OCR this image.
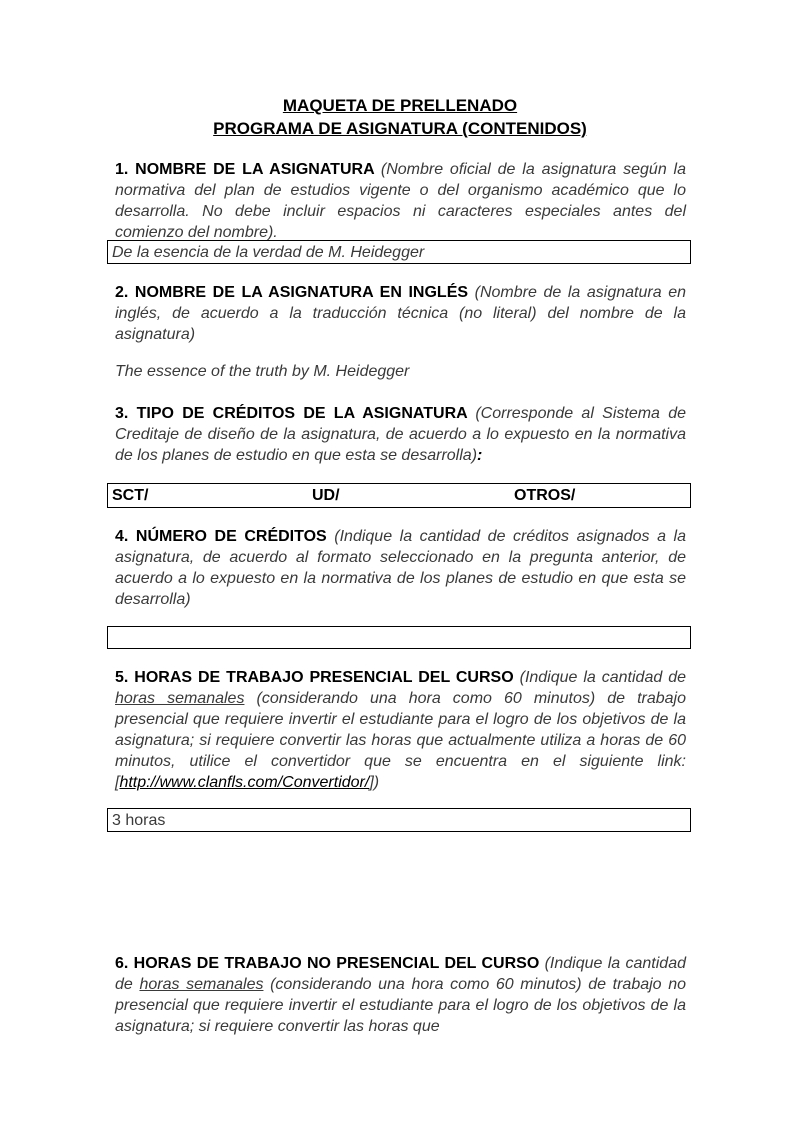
MAQUETA DE PRELLENADO

PROGRAMA DE ASIGNATURA (CONTENIDOS)

1. NOMBRE DE LA ASIGNATURA (Nombre oficial de la asignatura según la normativa del plan de estudios vigente o del organismo académico que lo desarrolla. No debe incluir espacios ni caracteres especiales antes del comienzo del nombre).

De la esencia de la verdad de M. Heidegger

2. NOMBRE DE LA ASIGNATURA EN INGLÉS (Nombre de la asignatura en inglés, de acuerdo a la traducción técnica (no literal) del nombre de la asignatura)

The essence of the truth by M. Heidegger

3. TIPO DE CRÉDITOS DE LA ASIGNATURA (Corresponde al Sistema de Creditaje de diseño de la asignatura, de acuerdo a lo expuesto en la normativa de los planes de estudio en que esta se desarrolla):

SCT/	UD/	OTROS/

4. NÚMERO DE CRÉDITOS (Indique la cantidad de créditos asignados a la asignatura, de acuerdo al formato seleccionado en la pregunta anterior, de acuerdo a lo expuesto en la normativa de los planes de estudio en que esta se desarrolla)

5. HORAS DE TRABAJO PRESENCIAL DEL CURSO (Indique la cantidad de horas semanales (considerando una hora como 60 minutos) de trabajo presencial que requiere invertir el estudiante para el logro de los objetivos de la asignatura; si requiere convertir las horas que actualmente utiliza a horas de 60 minutos, utilice el convertidor que se encuentra en el siguiente link: [http://www.clanfls.com/Convertidor/])

3 horas

6. HORAS DE TRABAJO NO PRESENCIAL DEL CURSO (Indique la cantidad de horas semanales (considerando una hora como 60 minutos) de trabajo no presencial que requiere invertir el estudiante para el logro de los objetivos de la asignatura; si requiere convertir las horas que
